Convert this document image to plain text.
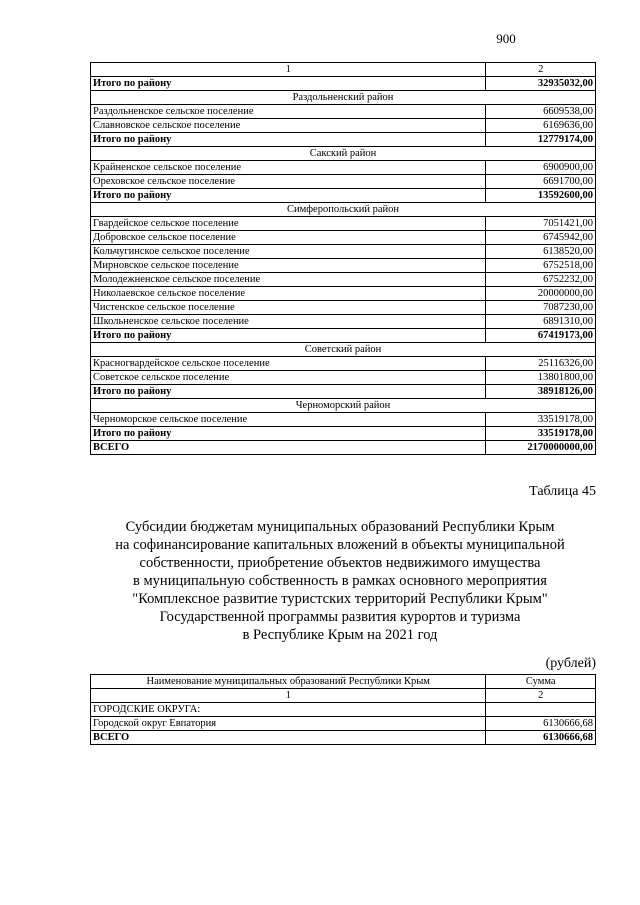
900
1	2
Итого по району	32935032,00
Раздольненский район	
Раздольненское сельское поселение	6609538,00
Славновское сельское поселение	6169636,00
Итого по району	12779174,00
Сакский район	
Крайненское сельское поселение	6900900,00
Ореховское сельское поселение	6691700,00
Итого по району	13592600,00
Симферопольский район	
Гвардейское сельское поселение	7051421,00
Добровское сельское поселение	6745942,00
Кольчугинское сельское поселение	6138520,00
Мирновское сельское поселение	6752518,00
Молодежненское сельское поселение	6752232,00
Николаевское сельское поселение	20000000,00
Чистенское сельское поселение	7087230,00
Школьненское сельское поселение	6891310,00
Итого по району	67419173,00
Советский район	
Красногвардейское сельское поселение	25116326,00
Советское сельское поселение	13801800,00
Итого по району	38918126,00
Черноморский район	
Черноморское сельское поселение	33519178,00
Итого по району	33519178,00
ВСЕГО	2170000000,00
Таблица 45
Субсидии бюджетам муниципальных образований Республики Крым
на софинансирование капитальных вложений в объекты муниципальной
собственности, приобретение объектов недвижимого имущества
в муниципальную собственность в рамках основного мероприятия
"Комплексное развитие туристских территорий Республики Крым"
Государственной программы развития курортов и туризма
в Республике Крым на 2021 год
(рублей)
Наименование муниципальных образований Республики Крым	Сумма
1	2
ГОРОДСКИЕ ОКРУГА:	
Городской округ Евпатория	6130666,68
ВСЕГО	6130666,68
